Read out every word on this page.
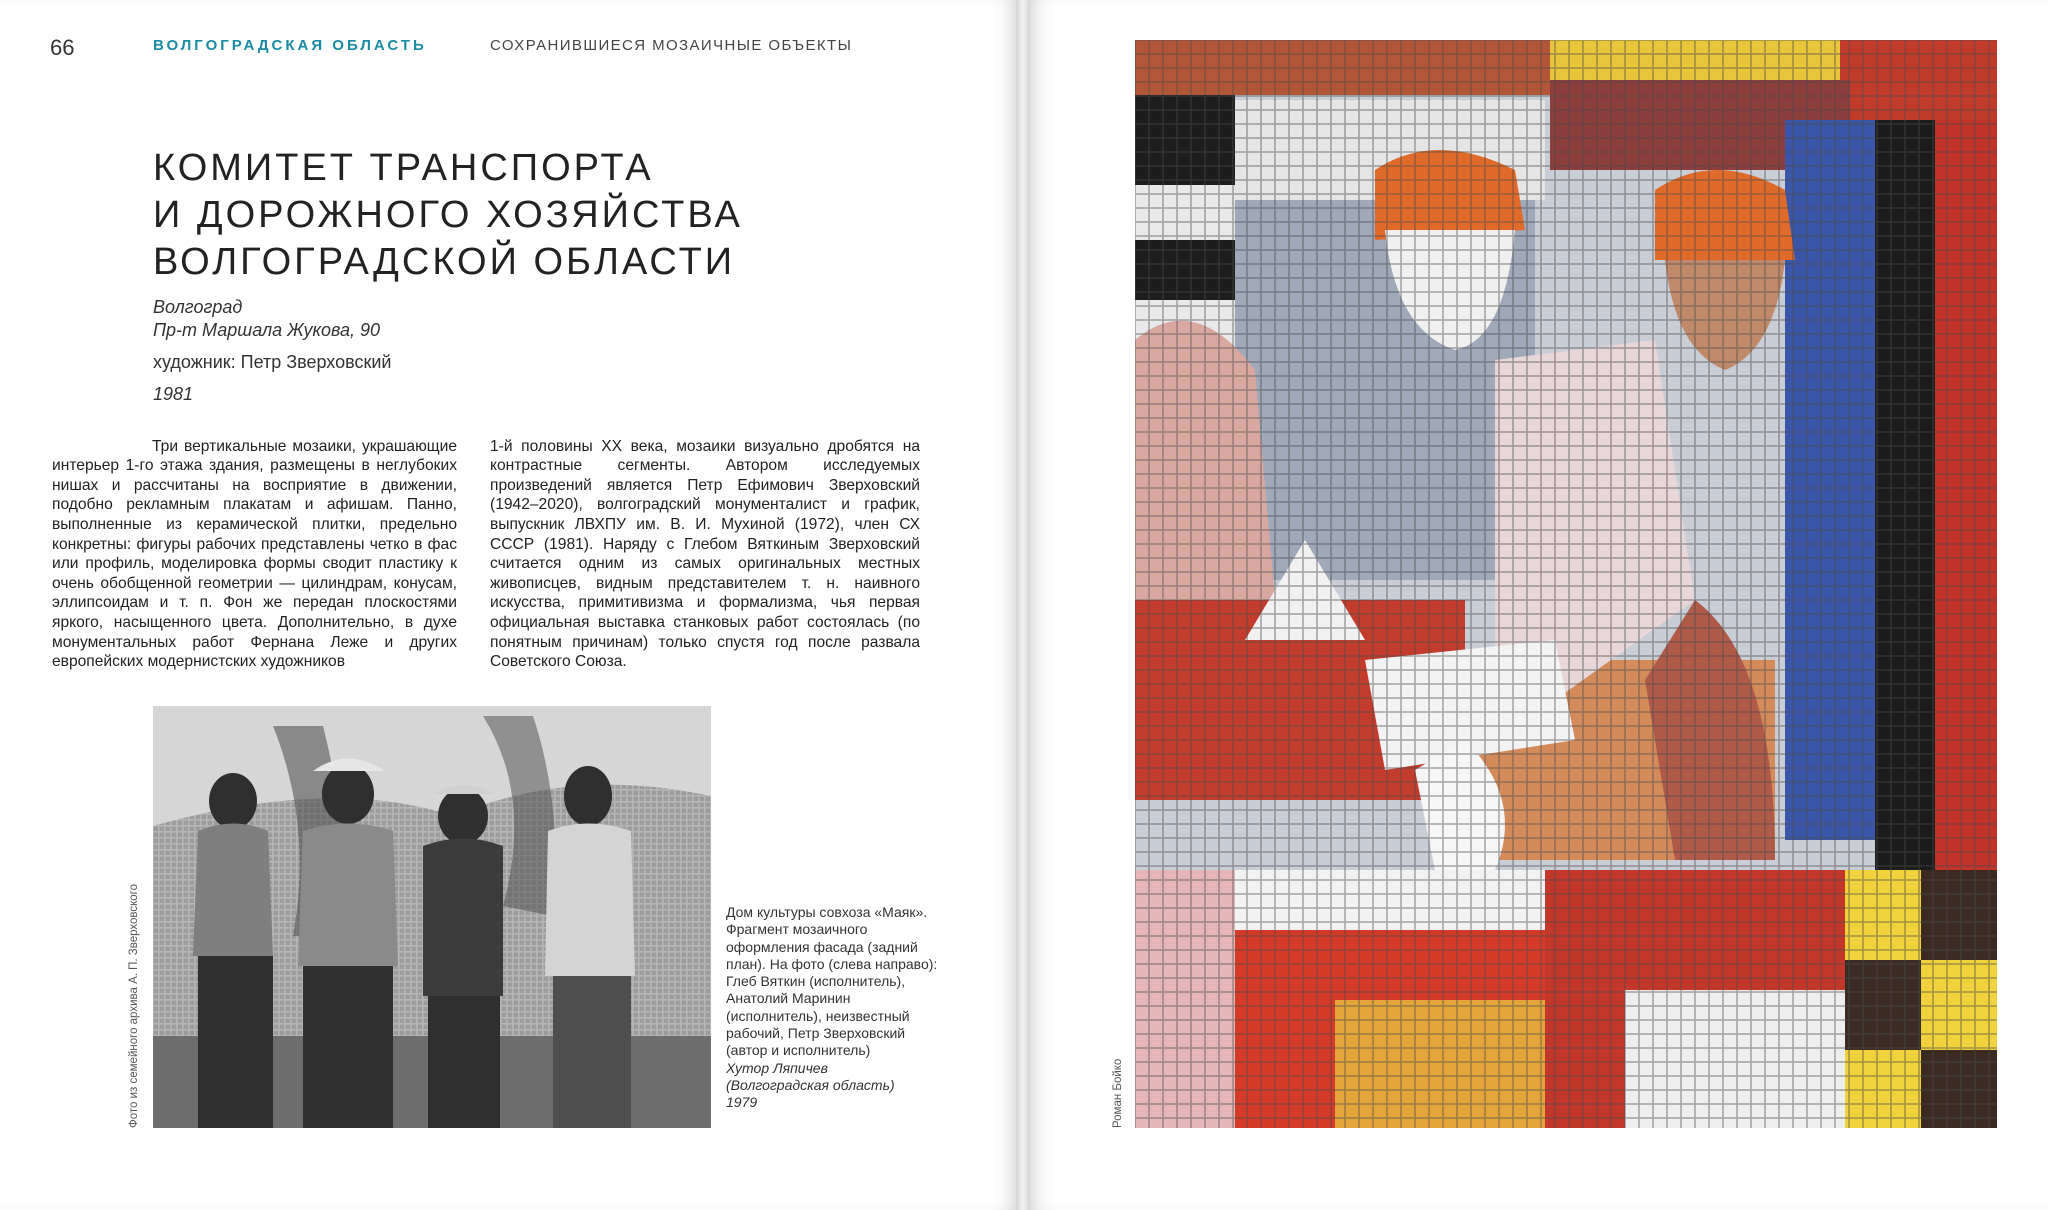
66	ВОЛГОГРАДСКАЯ ОБЛАСТЬ	СОХРАНИВШИЕСЯ МОЗАИЧНЫЕ ОБЪЕКТЫ
КОМИТЕТ ТРАНСПОРТА
И ДОРОЖНОГО ХОЗЯЙСТВА
ВОЛГОГРАДСКОЙ ОБЛАСТИ
Волгоград
Пр-т Маршала Жукова, 90
художник: Петр Зверховский
1981

Три вертикальные мозаики, украшающие интерьер 1-го этажа здания, размещены в неглубоких нишах и рассчитаны на восприятие в движении, подобно рекламным плакатам и афишам. Панно, выполненные из керамической плитки, предельно конкретны: фигуры рабочих представлены четко в фас или профиль, моделировка формы сводит пластику к очень обобщенной геометрии — цилиндрам, конусам, эллипсоидам и т. п. Фон же передан плоскостями яркого, насыщенного цвета. Дополнительно, в духе монументальных работ Фернана Леже и других европейских модернистских художников

1-й половины XX века, мозаики визуально дробятся на контрастные сегменты. Автором исследуемых произведений является Петр Ефимович Зверховский (1942–2020), волгоградский монументалист и график, выпускник ЛВХПУ им. В. И. Мухиной (1972), член СХ СССР (1981). Наряду с Глебом Вяткиным Зверховский считается одним из самых оригинальных местных живописцев, видным представителем т. н. наивного искусства, примитивизма и формализма, чья первая официальная выставка станковых работ состоялась (по понятным причинам) только спустя год после развала Советского Союза.

Фото из семейного архива А. П. Зверховского	Дом культуры совхоза «Маяк». Фрагмент мозаичного оформления фасада (задний план). На фото (слева направо): Глеб Вяткин (исполнитель), Анатолий Маринин (исполнитель), неизвестный рабочий, Петр Зверховский (автор и исполнитель)
Хутор Ляпичев
(Волгоградская область)
1979	Роман Бойко
